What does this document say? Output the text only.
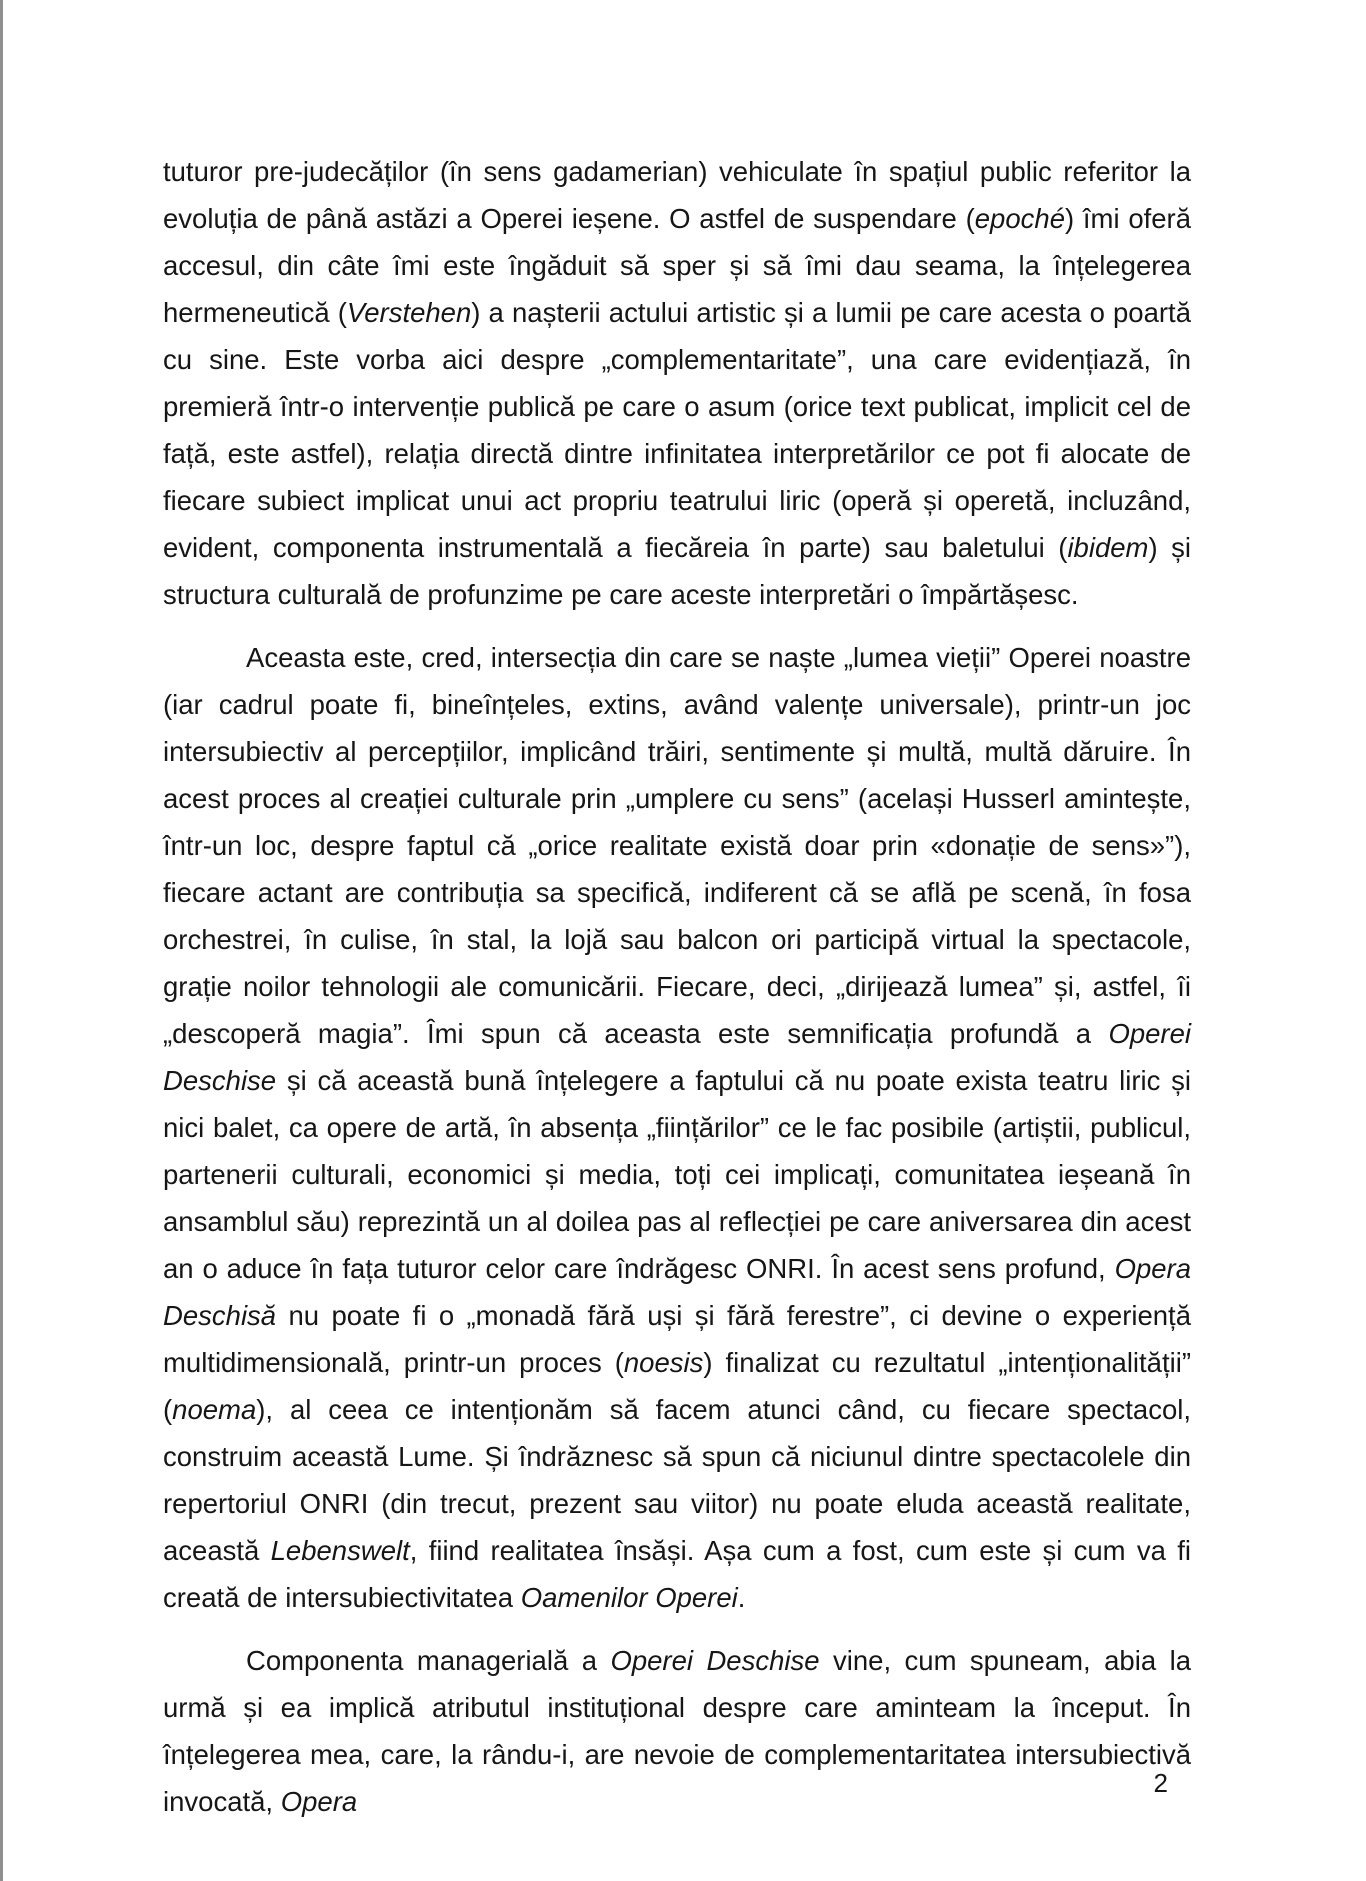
tuturor pre-judecăților (în sens gadamerian) vehiculate în spațiul public referitor la evoluția de până astăzi a Operei ieșene. O astfel de suspendare (epoché) îmi oferă accesul, din câte îmi este îngăduit să sper și să îmi dau seama, la înțelegerea hermeneutică (Verstehen) a nașterii actului artistic și a lumii pe care acesta o poartă cu sine. Este vorba aici despre „complementaritate”, una care evidențiază, în premieră într-o intervenție publică pe care o asum (orice text publicat, implicit cel de față, este astfel), relația directă dintre infinitatea interpretărilor ce pot fi alocate de fiecare subiect implicat unui act propriu teatrului liric (operă și operetă, incluzând, evident, componenta instrumentală a fiecăreia în parte) sau baletului (ibidem) și structura culturală de profunzime pe care aceste interpretări o împărtășesc.

Aceasta este, cred, intersecția din care se naște „lumea vieții” Operei noastre (iar cadrul poate fi, bineînțeles, extins, având valențe universale), printr-un joc intersubiectiv al percepțiilor, implicând trăiri, sentimente și multă, multă dăruire. În acest proces al creației culturale prin „umplere cu sens” (același Husserl amintește, într-un loc, despre faptul că „orice realitate există doar prin «donație de sens»”), fiecare actant are contribuția sa specifică, indiferent că se află pe scenă, în fosa orchestrei, în culise, în stal, la lojă sau balcon ori participă virtual la spectacole, grație noilor tehnologii ale comunicării. Fiecare, deci, „dirijează lumea” și, astfel, îi „descoperă magia”. Îmi spun că aceasta este semnificația profundă a Operei Deschise și că această bună înțelegere a faptului că nu poate exista teatru liric și nici balet, ca opere de artă, în absența „ființărilor” ce le fac posibile (artiștii, publicul, partenerii culturali, economici și media, toți cei implicați, comunitatea ieșeană în ansamblul său) reprezintă un al doilea pas al reflecției pe care aniversarea din acest an o aduce în fața tuturor celor care îndrăgesc ONRI. În acest sens profund, Opera Deschisă nu poate fi o „monadă fără uși și fără ferestre”, ci devine o experiență multidimensională, printr-un proces (noesis) finalizat cu rezultatul „intenționalității” (noema), al ceea ce intenționăm să facem atunci când, cu fiecare spectacol, construim această Lume. Și îndrăznesc să spun că niciunul dintre spectacolele din repertoriul ONRI (din trecut, prezent sau viitor) nu poate eluda această realitate, această Lebenswelt, fiind realitatea însăși. Așa cum a fost, cum este și cum va fi creată de intersubiectivitatea Oamenilor Operei.

Componenta managerială a Operei Deschise vine, cum spuneam, abia la urmă și ea implică atributul instituțional despre care aminteam la început. În înțelegerea mea, care, la rându-i, are nevoie de complementaritatea intersubiectivă invocată, Opera

2
